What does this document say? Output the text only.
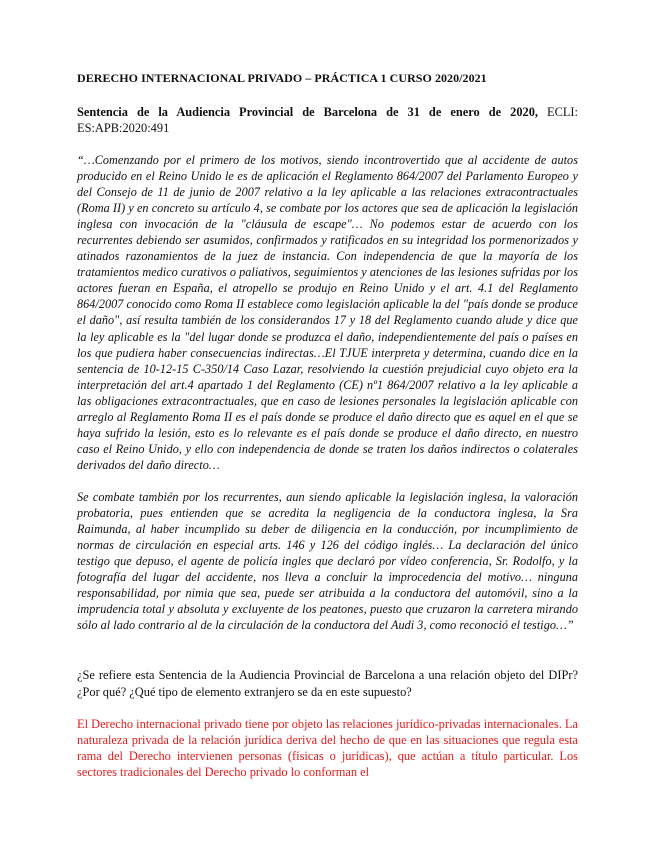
DERECHO INTERNACIONAL PRIVADO – PRÁCTICA 1 CURSO 2020/2021

Sentencia de la Audiencia Provincial de Barcelona de 31 de enero de 2020, ECLI: ES:APB:2020:491
“…Comenzando por el primero de los motivos, siendo incontrovertido que al accidente de autos producido en el Reino Unido le es de aplicación el Reglamento 864/2007 del Parlamento Europeo y del Consejo de 11 de junio de 2007 relativo a la ley aplicable a las relaciones extracontractuales (Roma II) y en concreto su artículo 4, se combate por los actores que sea de aplicación la legislación inglesa con invocación de la "cláusula de escape"… No podemos estar de acuerdo con los recurrentes debiendo ser asumidos, confirmados y ratificados en su integridad los pormenorizados y atinados razonamientos de la juez de instancia. Con independencia de que la mayoría de los tratamientos medico curativos o paliativos, seguimientos y atenciones de las lesiones sufridas por los actores fueran en España, el atropello se produjo en Reino Unido y el art. 4.1 del Reglamento 864/2007 conocido como Roma II establece como legislación aplicable la del "país donde se produce el daño", así resulta también de los considerandos 17 y 18 del Reglamento cuando alude y dice que la ley aplicable es la "del lugar donde se produzca el daño, independientemente del país o países en los que pudiera haber consecuencias indirectas…El TJUE interpreta y determina, cuando dice en la sentencia de 10-12-15 C-350/14 Caso Lazar, resolviendo la cuestión prejudicial cuyo objeto era la interpretación del art.4 apartado 1 del Reglamento (CE) nº1 864/2007 relativo a la ley aplicable a las obligaciones extracontractuales, que en caso de lesiones personales la legislación aplicable con arreglo al Reglamento Roma II es el país donde se produce el daño directo que es aquel en el que se haya sufrido la lesión, esto es lo relevante es el país donde se produce el daño directo, en nuestro caso el Reino Unido, y ello con independencia de donde se traten los daños indirectos o colaterales derivados del daño directo…
Se combate también por los recurrentes, aun siendo aplicable la legislación inglesa, la valoración probatoria, pues entienden que se acredita la negligencia de la conductora inglesa, la Sra Raimunda, al haber incumplido su deber de diligencia en la conducción, por incumplimiento de normas de circulación en especial arts. 146 y 126 del código inglés… La declaración del único testigo que depuso, el agente de policía ingles que declaró por vídeo conferencia, Sr. Rodolfo, y la fotografía del lugar del accidente, nos lleva a concluir la improcedencia del motivo… ninguna responsabilidad, por nimia que sea, puede ser atribuida a la conductora del automóvil, sino a la imprudencia total y absoluta y excluyente de los peatones, puesto que cruzaron la carretera mirando sólo al lado contrario al de la circulación de la conductora del Audi 3, como reconoció el testigo…”
¿Se refiere esta Sentencia de la Audiencia Provincial de Barcelona a una relación objeto del DIPr? ¿Por qué? ¿Qué tipo de elemento extranjero se da en este supuesto?
El Derecho internacional privado tiene por objeto las relaciones jurídico-privadas internacionales. La naturaleza privada de la relación jurídica deriva del hecho de que en las situaciones que regula esta rama del Derecho intervienen personas (físicas o jurídicas), que actúan a título particular. Los sectores tradicionales del Derecho privado lo conforman el
